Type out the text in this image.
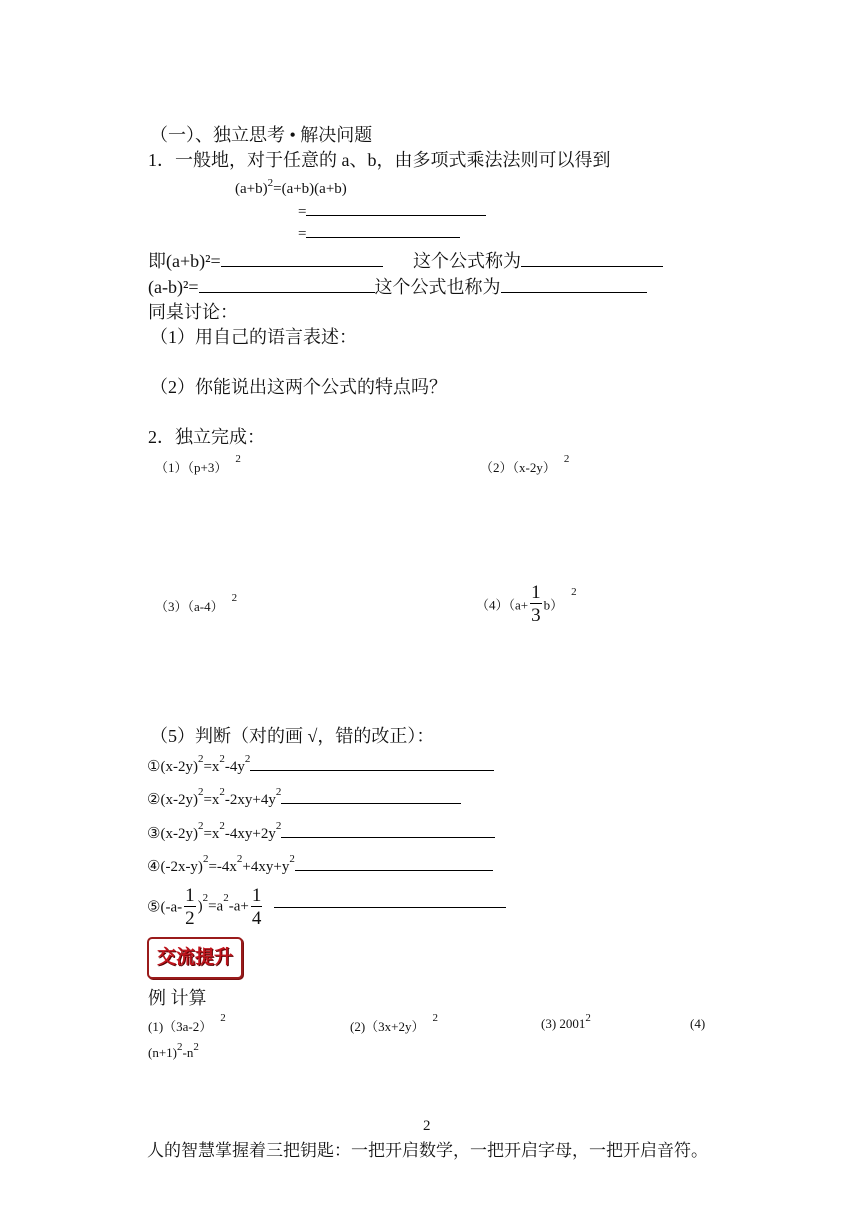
（一）、独立思考 • 解决问题
1．一般地，对于任意的 a、b，由多项式乘法法则可以得到
$(a+b)^2=(a+b)(a+b)$
=
=
即(a+b)²=	这个公式称为
(a-b)²=	这个公式也称为
同桌讨论：
（1）用自己的语言表述：
（2）你能说出这两个公式的特点吗？
2．独立完成：
$(1)(p+3)^2$
$(2)(x-2y)^2$
$(3)(a-4)^2$	$(4)(a+ \frac{1}{3} b)^2$
（5）判断（对的画 √，错的改正）：
$①(x-2y)^2=x^2-4y^2$
$②(x-2y)^2=x^2-2xy+4y^2$
$③(x-2y)^2=x^2-4xy+2y^2$
$④(-2x-y)^2=-4x^2+4xy+y^2$
⑤(-a- $\frac{1}{2} )^2=a^2-a+ \frac{1}{4}$
交流提升
例 计算
$(1)(3a-2)^2$
$(2)(3x+2y)^2$	(3) 2001$^2$	(4)
$(n+1)^2-n^2$
2
人的智慧掌握着三把钥匙：一把开启数学，一把开启字母，一把开启音符。
